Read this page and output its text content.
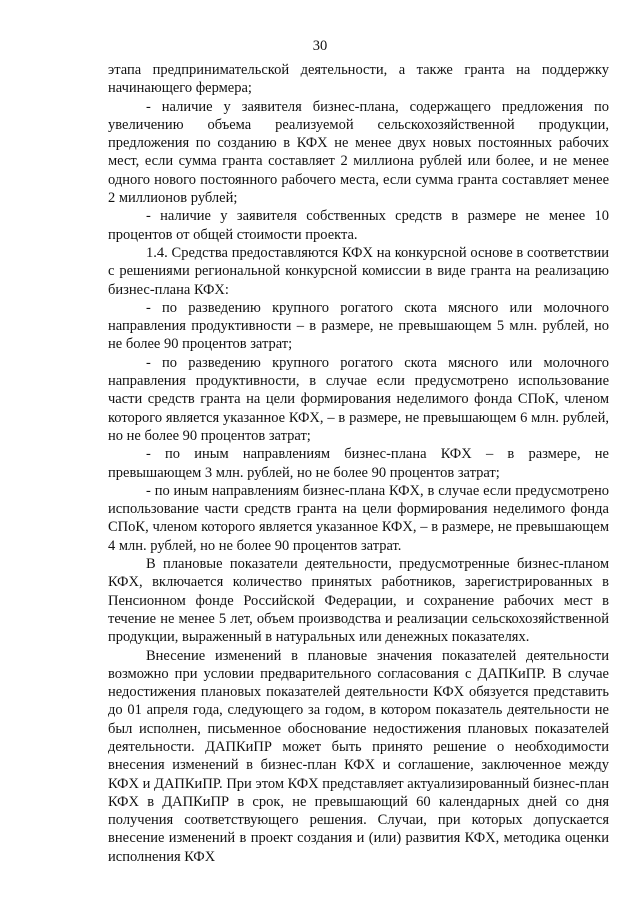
30

этапа предпринимательской деятельности, а также гранта на поддержку начинающего фермера;

- наличие у заявителя бизнес-плана, содержащего предложения по увеличению объема реализуемой сельскохозяйственной продукции, предложения по созданию в КФХ не менее двух новых постоянных рабочих мест, если сумма гранта составляет 2 миллиона рублей или более, и не менее одного нового постоянного рабочего места, если сумма гранта составляет менее 2 миллионов рублей;

- наличие у заявителя собственных средств в размере не менее 10 процентов от общей стоимости проекта.

1.4. Средства предоставляются КФХ на конкурсной основе в соответствии с решениями региональной конкурсной комиссии в виде гранта на реализацию бизнес-плана КФХ:

- по разведению крупного рогатого скота мясного или молочного направления продуктивности – в размере, не превышающем 5 млн. рублей, но не более 90 процентов затрат;

- по разведению крупного рогатого скота мясного или молочного направления продуктивности, в случае если предусмотрено использование части средств гранта на цели формирования неделимого фонда СПоК, членом которого является указанное КФХ, – в размере, не превышающем 6 млн. рублей, но не более 90 процентов затрат;

- по иным направлениям бизнес-плана КФХ – в размере, не превышающем 3 млн. рублей, но не более 90 процентов затрат;

- по иным направлениям бизнес-плана КФХ, в случае если предусмотрено использование части средств гранта на цели формирования неделимого фонда СПоК, членом которого является указанное КФХ, – в размере, не превышающем 4 млн. рублей, но не более 90 процентов затрат.

В плановые показатели деятельности, предусмотренные бизнес-планом КФХ, включается количество принятых работников, зарегистрированных в Пенсионном фонде Российской Федерации, и сохранение рабочих мест в течение не менее 5 лет, объем производства и реализации сельскохозяйственной продукции, выраженный в натуральных или денежных показателях.

Внесение изменений в плановые значения показателей деятельности возможно при условии предварительного согласования с ДАПКиПР. В случае недостижения плановых показателей деятельности КФХ обязуется представить до 01 апреля года, следующего за годом, в котором показатель деятельности не был исполнен, письменное обоснование недостижения плановых показателей деятельности. ДАПКиПР может быть принято решение о необходимости внесения изменений в бизнес-план КФХ и соглашение, заключенное между КФХ и ДАПКиПР. При этом КФХ представляет актуализированный бизнес-план КФХ в ДАПКиПР в срок, не превышающий 60 календарных дней со дня получения соответствующего решения. Случаи, при которых допускается внесение изменений в проект создания и (или) развития КФХ, методика оценки исполнения КФХ
